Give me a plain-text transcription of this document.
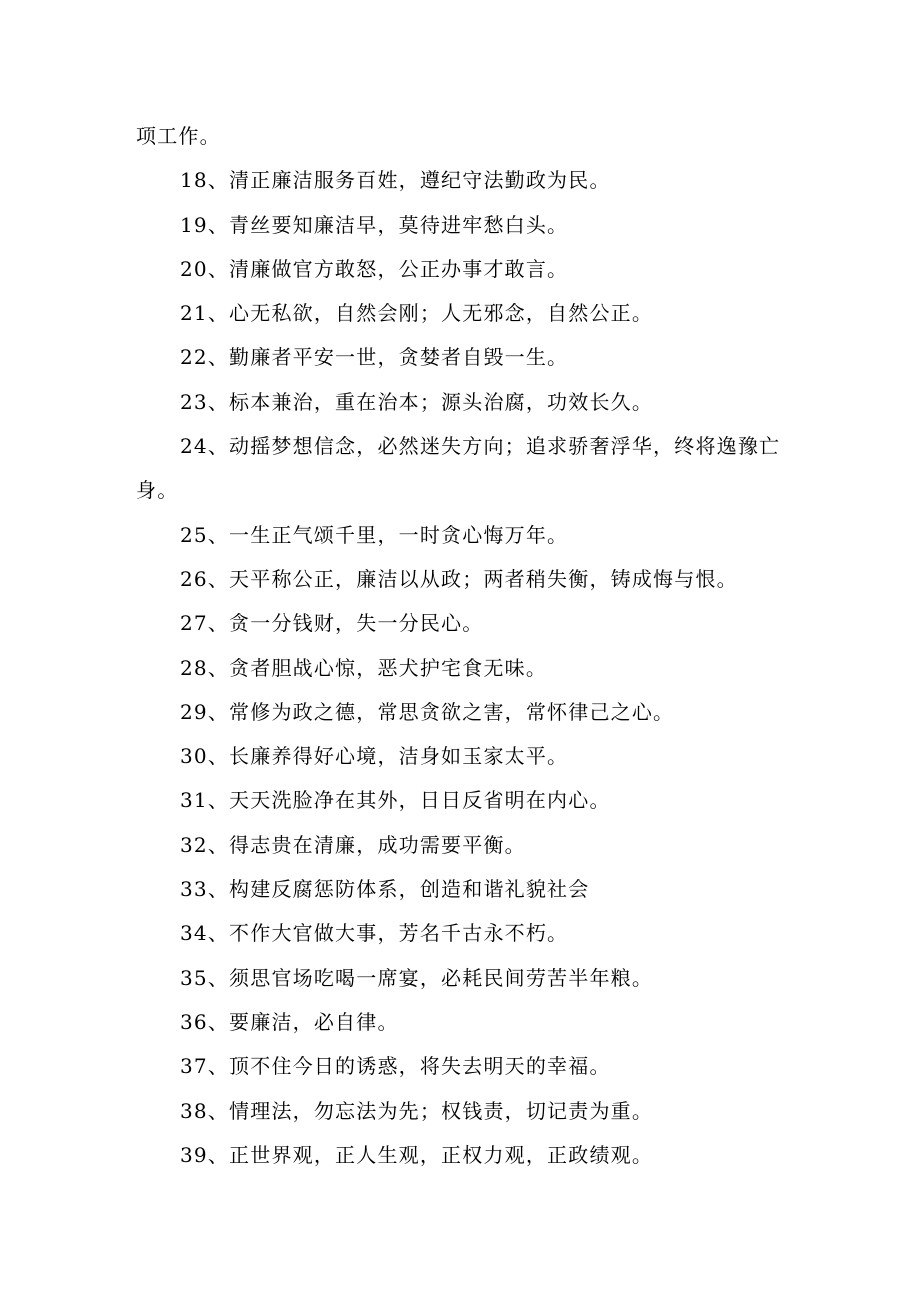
项工作。

18、清正廉洁服务百姓，遵纪守法勤政为民。

19、青丝要知廉洁早，莫待进牢愁白头。

20、清廉做官方敢怒，公正办事才敢言。

21、心无私欲，自然会刚；人无邪念，自然公正。

22、勤廉者平安一世，贪婪者自毁一生。

23、标本兼治，重在治本；源头治腐，功效长久。

24、动摇梦想信念，必然迷失方向；追求骄奢浮华，终将逸豫亡身。

25、一生正气颂千里，一时贪心悔万年。

26、天平称公正，廉洁以从政；两者稍失衡，铸成悔与恨。

27、贪一分钱财，失一分民心。

28、贪者胆战心惊，恶犬护宅食无味。

29、常修为政之德，常思贪欲之害，常怀律己之心。

30、长廉养得好心境，洁身如玉家太平。

31、天天洗脸净在其外，日日反省明在内心。

32、得志贵在清廉，成功需要平衡。

33、构建反腐惩防体系，创造和谐礼貌社会

34、不作大官做大事，芳名千古永不朽。

35、须思官场吃喝一席宴，必耗民间劳苦半年粮。

36、要廉洁，必自律。

37、顶不住今日的诱惑，将失去明天的幸福。

38、情理法，勿忘法为先；权钱责，切记责为重。

39、正世界观，正人生观，正权力观，正政绩观。
